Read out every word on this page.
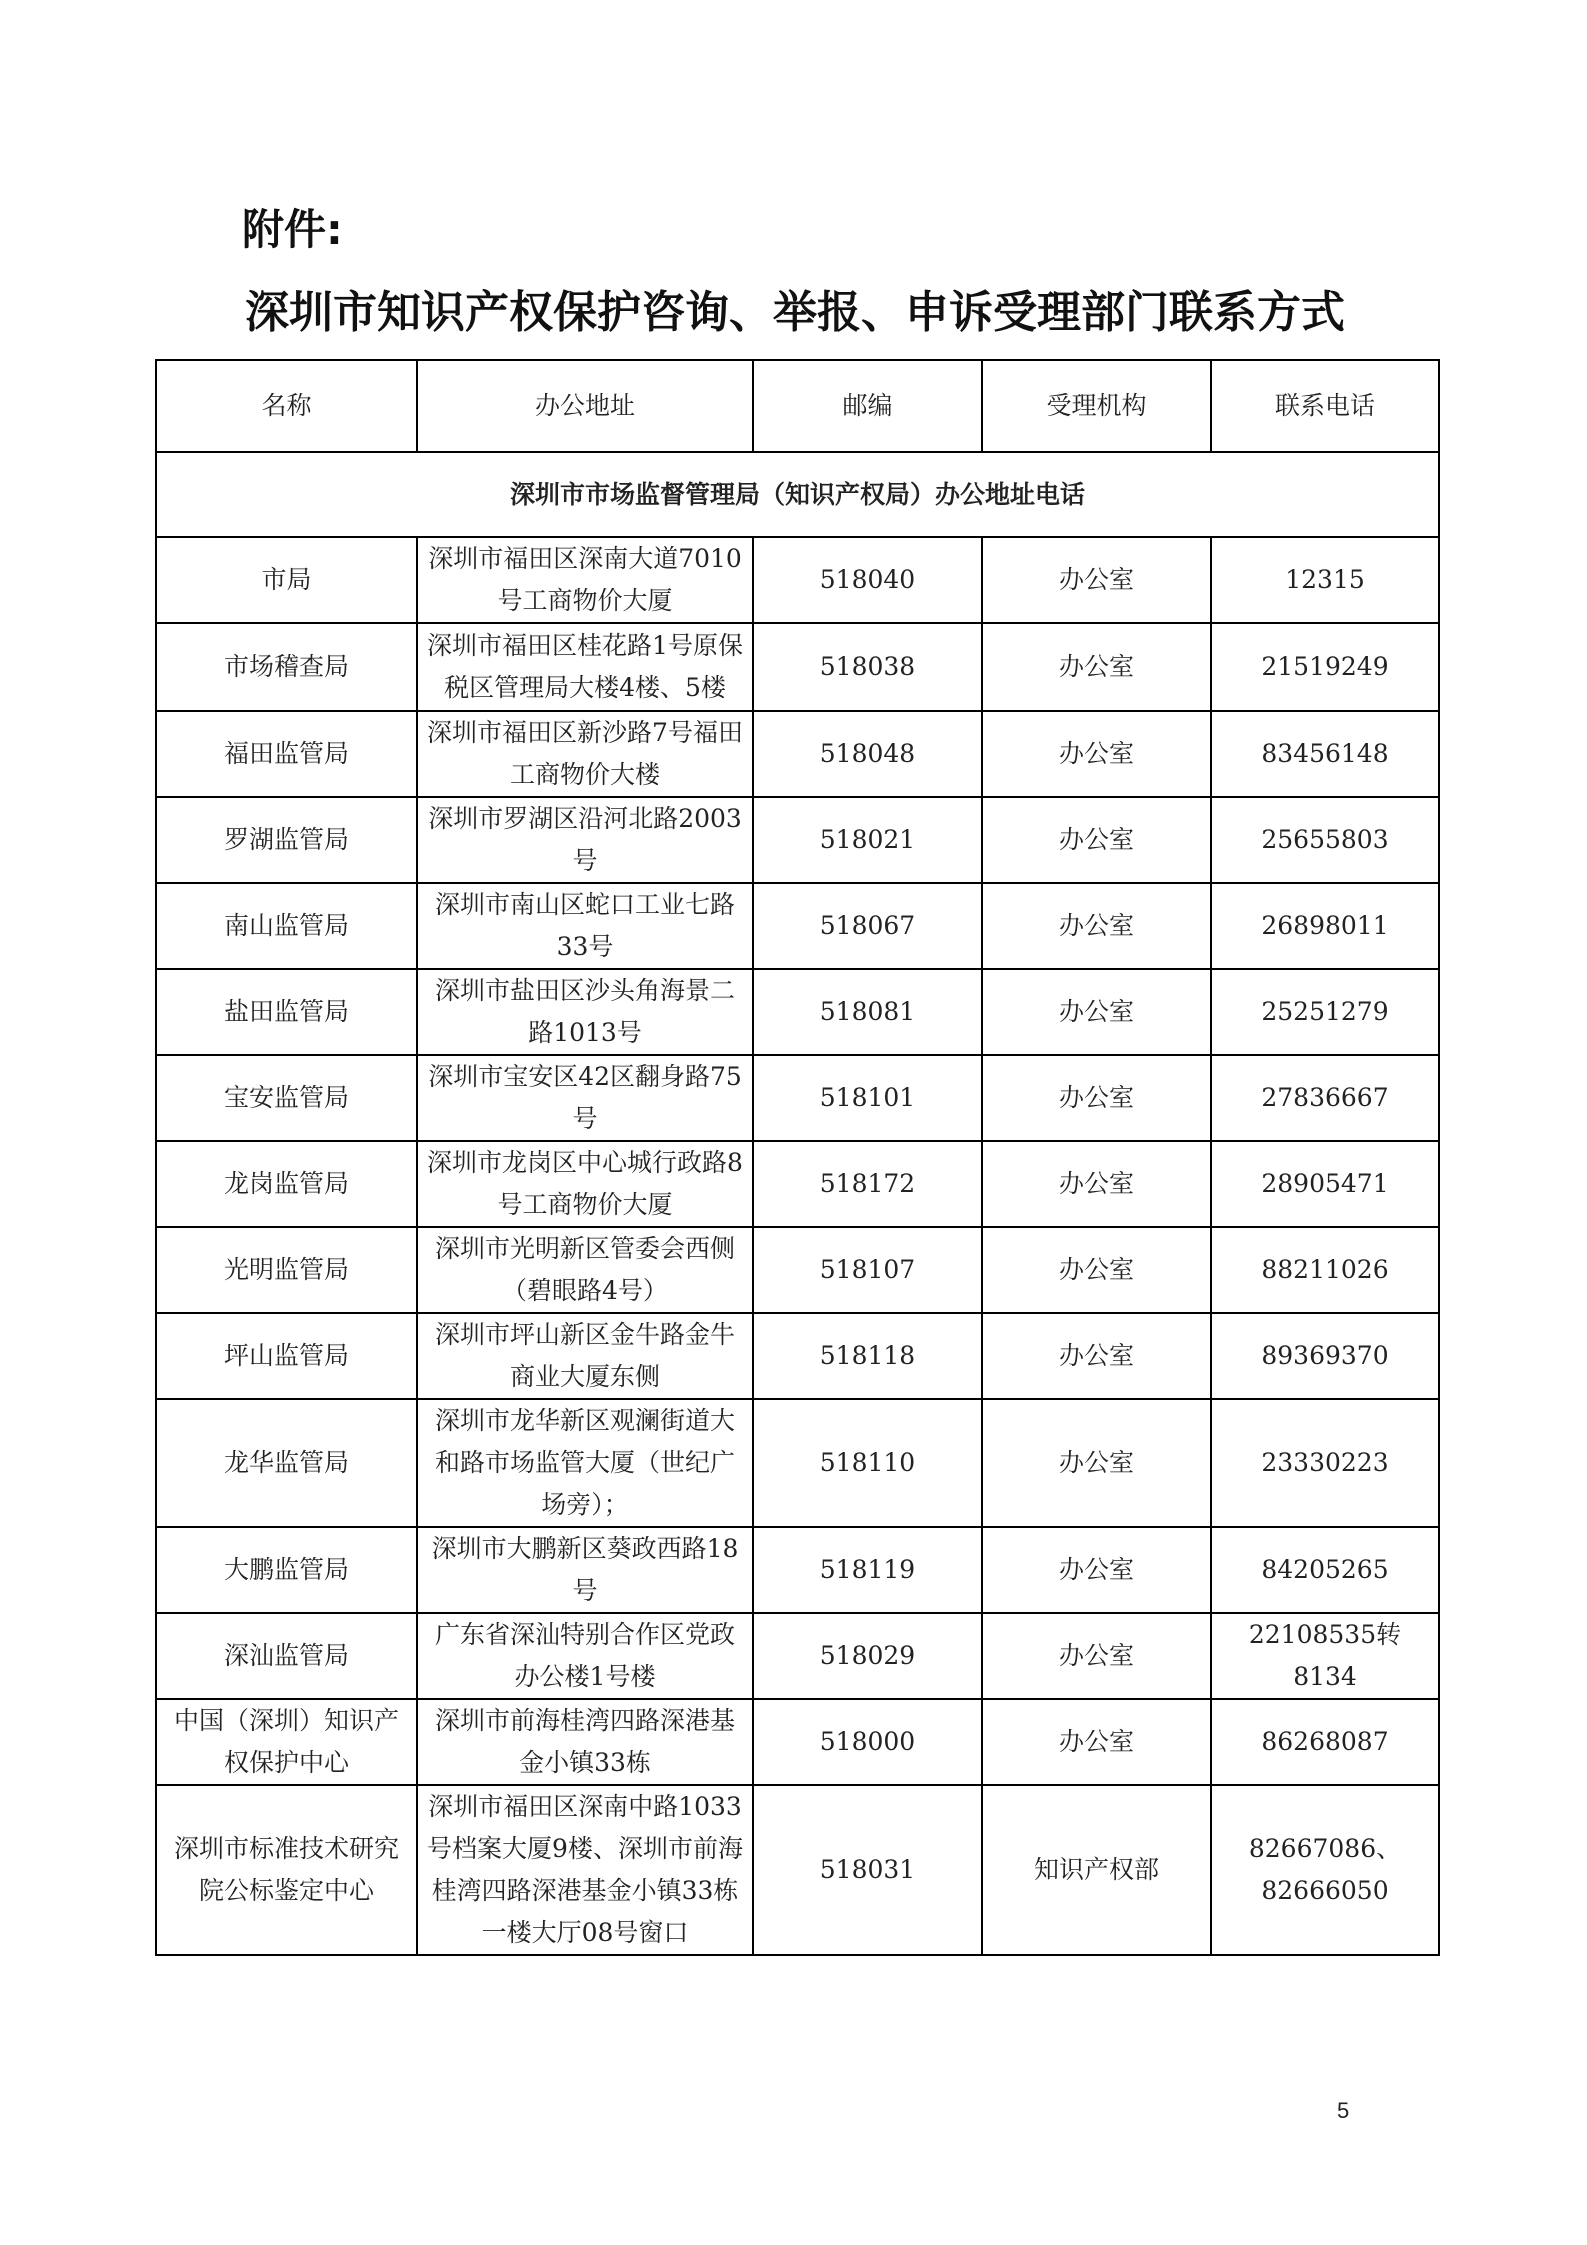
附件:
深圳市知识产权保护咨询、举报、申诉受理部门联系方式
名称	办公地址	邮编	受理机构	联系电话
深圳市市场监督管理局（知识产权局）办公地址电话				
市局	深圳市福田区深南大道7010号工商物价大厦	518040	办公室	12315
市场稽查局	深圳市福田区桂花路1号原保税区管理局大楼4楼、5楼	518038	办公室	21519249
福田监管局	深圳市福田区新沙路7号福田工商物价大楼	518048	办公室	83456148
罗湖监管局	深圳市罗湖区沿河北路2003号	518021	办公室	25655803
南山监管局	深圳市南山区蛇口工业七路33号	518067	办公室	26898011
盐田监管局	深圳市盐田区沙头角海景二路1013号	518081	办公室	25251279
宝安监管局	深圳市宝安区42区翻身路75号	518101	办公室	27836667
龙岗监管局	深圳市龙岗区中心城行政路8号工商物价大厦	518172	办公室	28905471
光明监管局	深圳市光明新区管委会西侧（碧眼路4号）	518107	办公室	88211026
坪山监管局	深圳市坪山新区金牛路金牛商业大厦东侧	518118	办公室	89369370
龙华监管局	深圳市龙华新区观澜街道大和路市场监管大厦（世纪广场旁）；	518110	办公室	23330223
大鹏监管局	深圳市大鹏新区葵政西路18号	518119	办公室	84205265
深汕监管局	广东省深汕特别合作区党政办公楼1号楼	518029	办公室	22108535转8134
中国（深圳）知识产权保护中心	深圳市前海桂湾四路深港基金小镇33栋	518000	办公室	86268087
深圳市标准技术研究院公标鉴定中心	深圳市福田区深南中路1033号档案大厦9楼、深圳市前海桂湾四路深港基金小镇33栋一楼大厅08号窗口	518031	知识产权部	82667086、82666050

5
